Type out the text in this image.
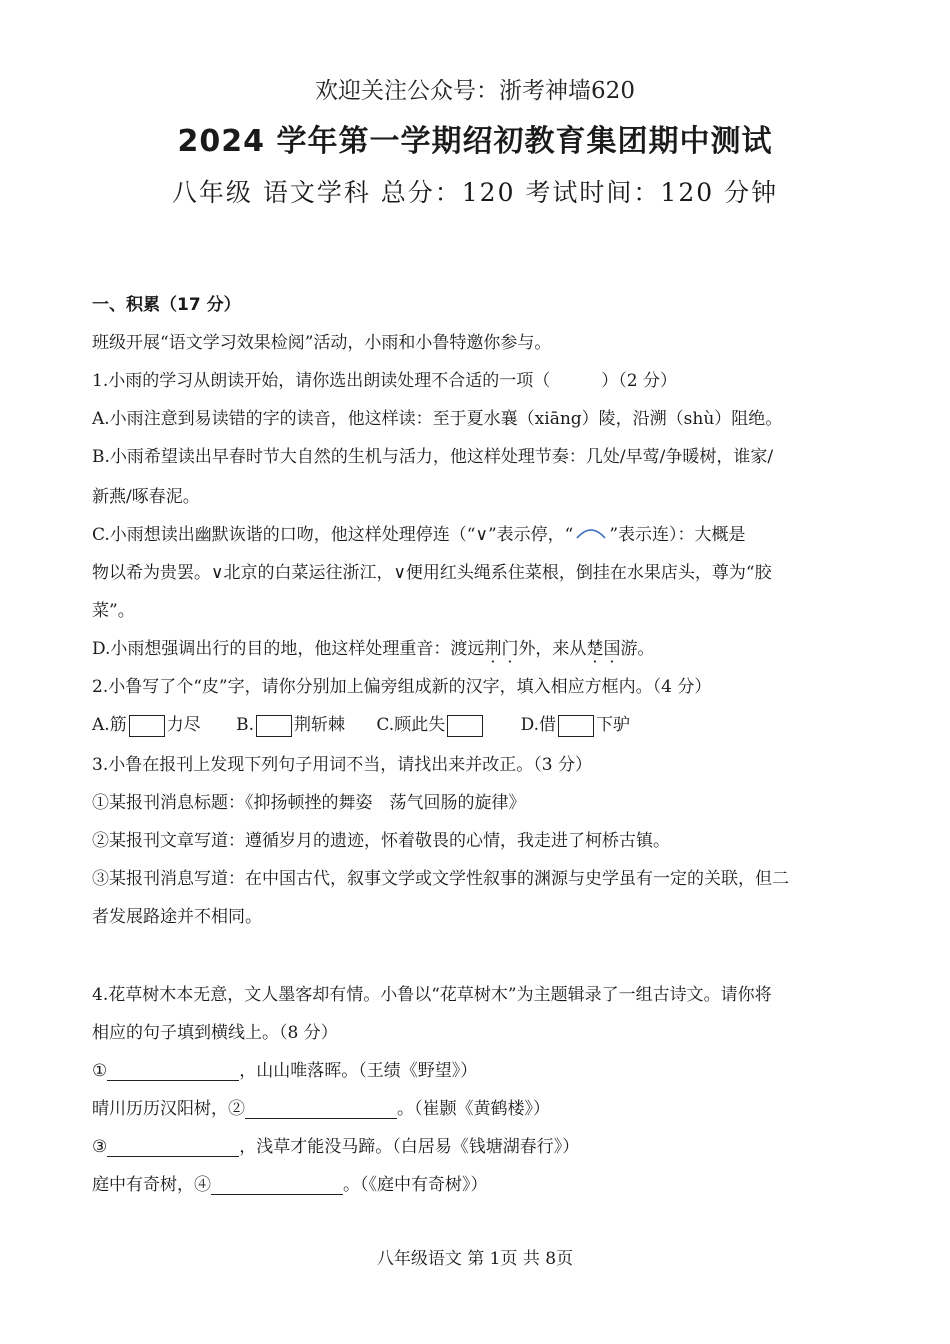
欢迎关注公众号：浙考神墙620
2024 学年第一学期绍初教育集团期中测试
八年级 语文学科 总分：120 考试时间：120 分钟
一、积累（17 分）
班级开展“语文学习效果检阅”活动，小雨和小鲁特邀你参与。
1.小雨的学习从朗读开始，请你选出朗读处理不合适的一项（　　　）（2 分）
A.小雨注意到易读错的字的读音，他这样读：至于夏水襄（xiāng）陵，沿溯（shù）阻绝。
B.小雨希望读出早春时节大自然的生机与活力，他这样处理节奏：几处/早莺/争暖树，谁家/
新燕/啄春泥。
C.小雨想读出幽默诙谐的口吻，他这样处理停连（“∨”表示停，“ ”表示连）：大概是
物以希为贵罢。∨北京的白菜运往浙江，∨便用红头绳系住菜根，倒挂在水果店头，尊为“胶
菜”。
D.小雨想强调出行的目的地，他这样处理重音：渡远荆门外，来从楚国游。
2.小鲁写了个“皮”字，请你分别加上偏旁组成新的汉字，填入相应方框内。（4 分）
A.筋 力尽 B. 荆斩棘 C.顾此失	D.借 下驴
3.小鲁在报刊上发现下列句子用词不当，请找出来并改正。（3 分）
①某报刊消息标题：《抑扬顿挫的舞姿　荡气回肠的旋律》
②某报刊文章写道：遵循岁月的遗迹，怀着敬畏的心情，我走进了柯桥古镇。
③某报刊消息写道：在中国古代，叙事文学或文学性叙事的渊源与史学虽有一定的关联，但二
者发展路途并不相同。
4.花草树木本无意，文人墨客却有情。小鲁以“花草树木”为主题辑录了一组古诗文。请你将
相应的句子填到横线上。（8 分）
①	，山山唯落晖。（王绩《野望》）
晴川历历汉阳树，②	。（崔颢《黄鹤楼》）
③	，浅草才能没马蹄。（白居易《钱塘湖春行》）
庭中有奇树，④	。（《庭中有奇树》）
八年级语文 第 1页 共 8页
